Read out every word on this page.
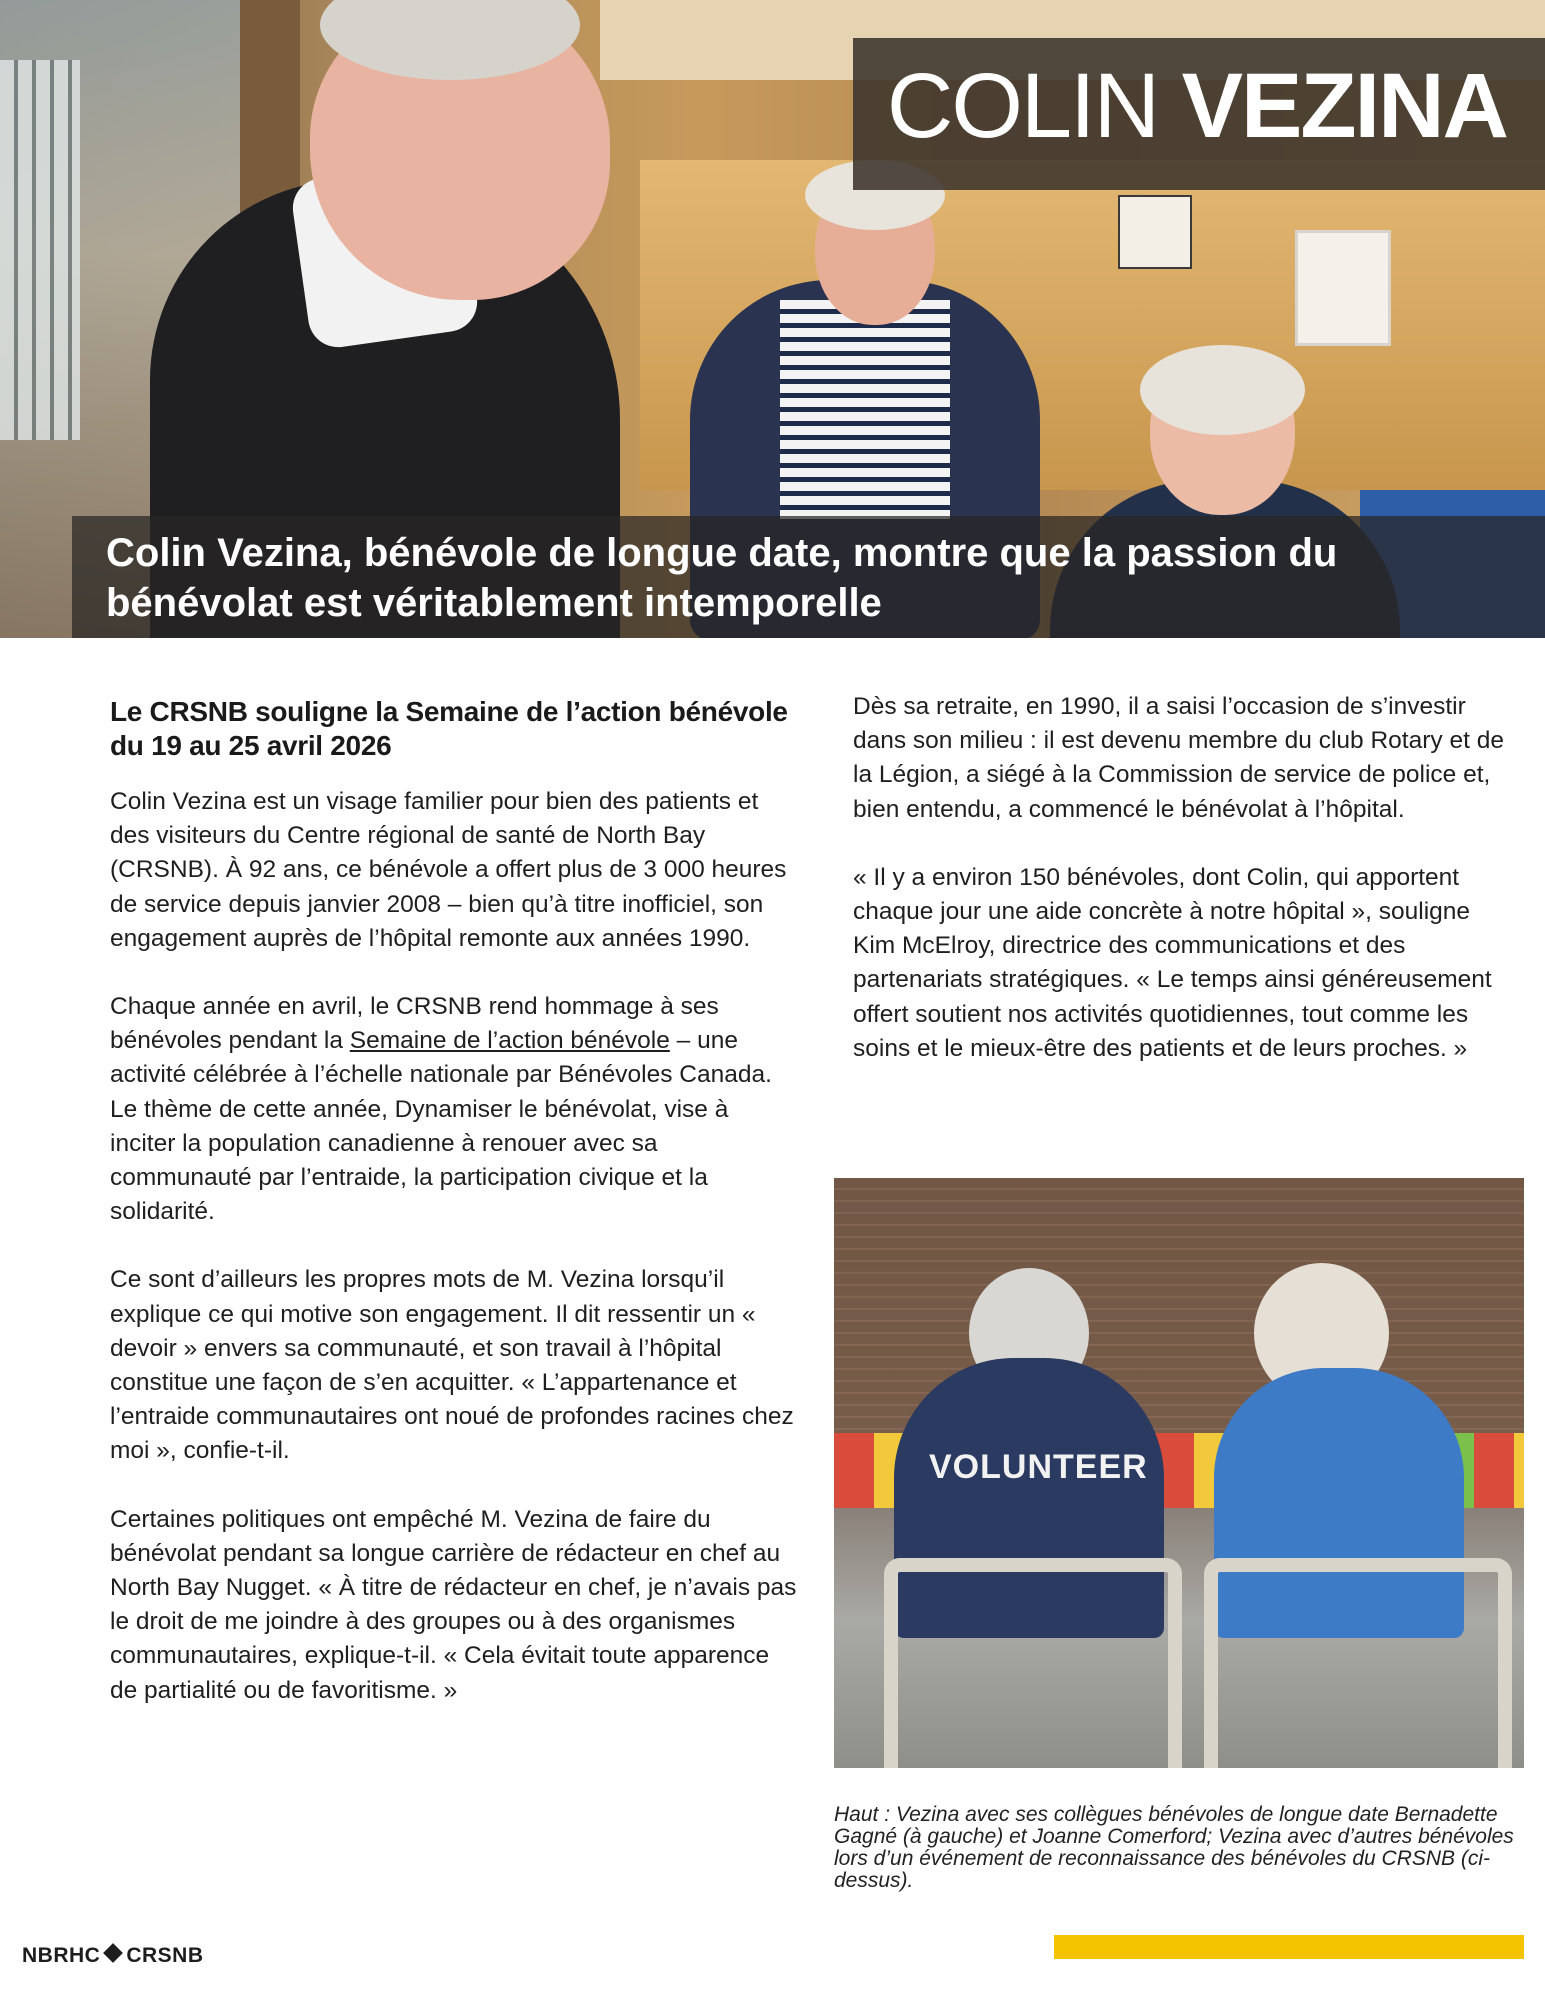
COLIN VEZINA
Colin Vezina, bénévole de longue date, montre que la passion du bénévolat est véritablement intemporelle
Le CRSNB souligne la Semaine de l’action bénévole du 19 au 25 avril 2026

Colin Vezina est un visage familier pour bien des patients et des visiteurs du Centre régional de santé de North Bay (CRSNB). À 92 ans, ce bénévole a offert plus de 3 000 heures de service depuis janvier 2008 – bien qu’à titre inofficiel, son engagement auprès de l’hôpital remonte aux années 1990.

Chaque année en avril, le CRSNB rend hommage à ses bénévoles pendant la Semaine de l’action bénévole – une activité célébrée à l’échelle nationale par Bénévoles Canada. Le thème de cette année, Dynamiser le bénévolat, vise à inciter la population canadienne à renouer avec sa communauté par l’entraide, la participation civique et la solidarité.

Ce sont d’ailleurs les propres mots de M. Vezina lorsqu’il explique ce qui motive son engagement. Il dit ressentir un « devoir » envers sa communauté, et son travail à l’hôpital constitue une façon de s’en acquitter. « L’appartenance et l’entraide communautaires ont noué de profondes racines chez moi », confie-t-il.

Certaines politiques ont empêché M. Vezina de faire du bénévolat pendant sa longue carrière de rédacteur en chef au North Bay Nugget. « À titre de rédacteur en chef, je n’avais pas le droit de me joindre à des groupes ou à des organismes communautaires, explique-t-il. « Cela évitait toute apparence de partialité ou de favoritisme. »

Dès sa retraite, en 1990, il a saisi l’occasion de s’investir dans son milieu : il est devenu membre du club Rotary et de la Légion, a siégé à la Commission de service de police et, bien entendu, a commencé le bénévolat à l’hôpital.

« Il y a environ 150 bénévoles, dont Colin, qui apportent chaque jour une aide concrète à notre hôpital », souligne Kim McElroy, directrice des communications et des partenariats stratégiques. « Le temps ainsi généreusement offert soutient nos activités quotidiennes, tout comme les soins et le mieux-être des patients et de leurs proches. »

VOLUNTEER
Haut : Vezina avec ses collègues bénévoles de longue date Bernadette Gagné (à gauche) et Joanne Comerford; Vezina avec d’autres bénévoles lors d’un événement de reconnaissance des bénévoles du CRSNB (ci-dessus).
NBRHC CRSNB
